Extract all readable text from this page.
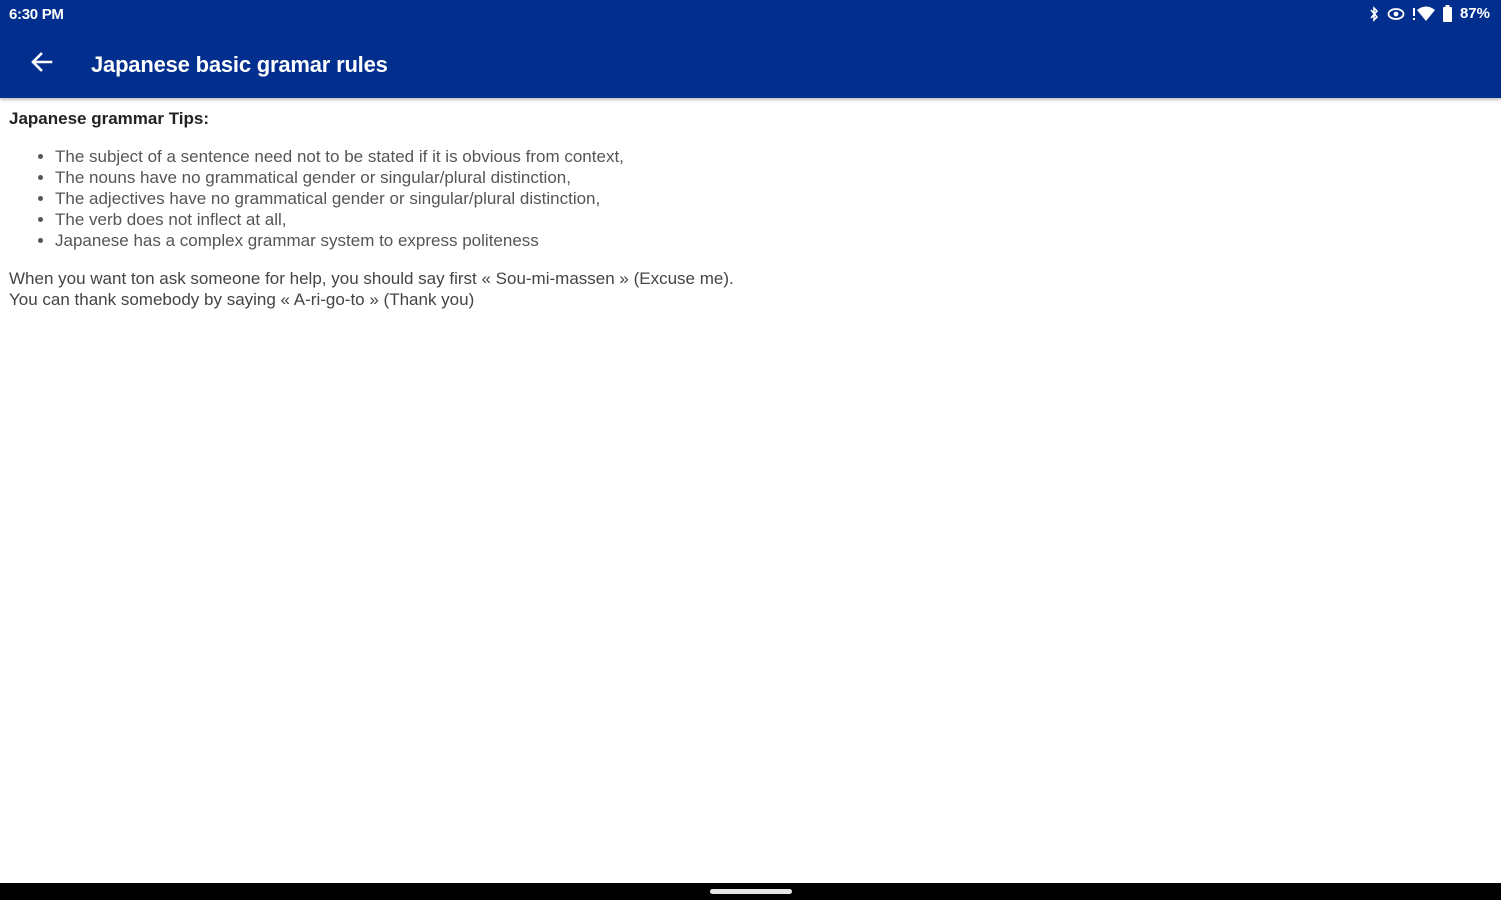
6:30 PM	87%
Japanese basic gramar rules

Japanese grammar Tips:

• The subject of a sentence need not to be stated if it is obvious from context,
• The nouns have no grammatical gender or singular/plural distinction,
• The adjectives have no grammatical gender or singular/plural distinction,
• The verb does not inflect at all,
• Japanese has a complex grammar system to express politeness

When you want ton ask someone for help, you should say first « Sou-mi-massen » (Excuse me).

You can thank somebody by saying « A-ri-go-to » (Thank you)
